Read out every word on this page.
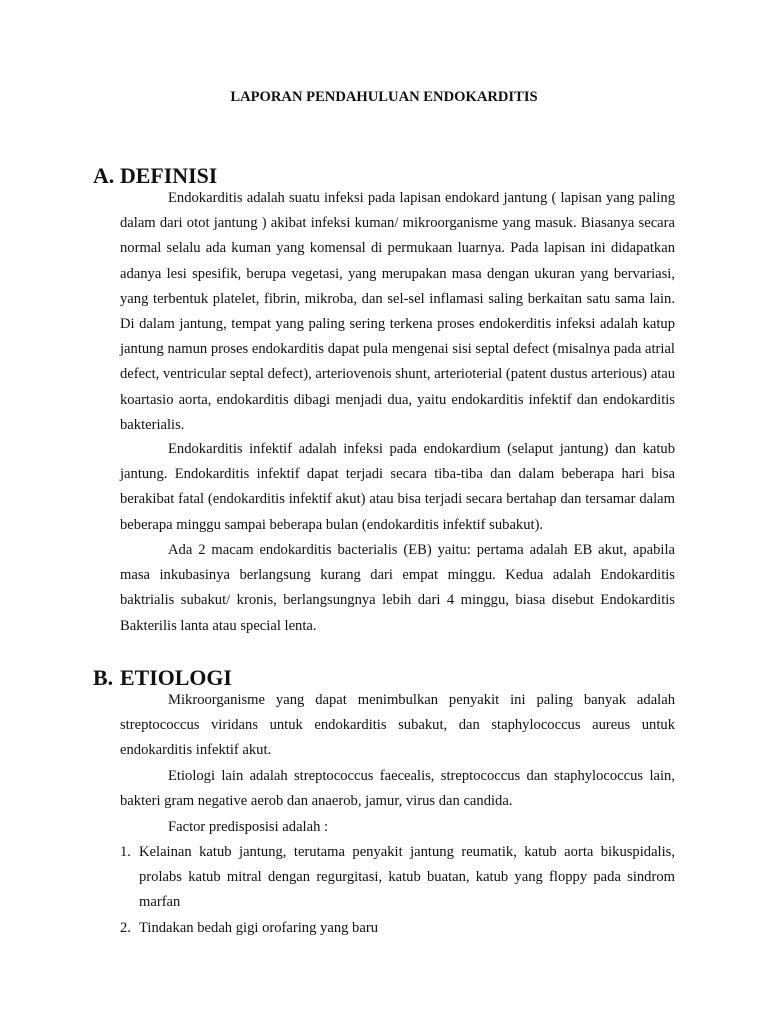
LAPORAN PENDAHULUAN ENDOKARDITIS
A. DEFINISI

Endokarditis adalah suatu infeksi pada lapisan endokard jantung ( lapisan yang paling dalam dari otot jantung ) akibat infeksi kuman/ mikroorganisme yang masuk. Biasanya secara normal selalu ada kuman yang komensal di permukaan luarnya. Pada lapisan ini didapatkan adanya lesi spesifik, berupa vegetasi, yang merupakan masa dengan ukuran yang bervariasi, yang terbentuk platelet, fibrin, mikroba, dan sel-sel inflamasi saling berkaitan satu sama lain. Di dalam jantung, tempat yang paling sering terkena proses endokerditis infeksi adalah katup jantung namun proses endokarditis dapat pula mengenai sisi septal defect (misalnya pada atrial defect, ventricular septal defect), arteriovenois shunt, arterioterial (patent dustus arterious) atau koartasio aorta, endokarditis dibagi menjadi dua, yaitu endokarditis infektif dan endokarditis bakterialis.

Endokarditis infektif adalah infeksi pada endokardium (selaput jantung) dan katub jantung. Endokarditis infektif dapat terjadi secara tiba-tiba dan dalam beberapa hari bisa berakibat fatal (endokarditis infektif akut) atau bisa terjadi secara bertahap dan tersamar dalam beberapa minggu sampai beberapa bulan (endokarditis infektif subakut).

Ada 2 macam endokarditis bacterialis (EB) yaitu: pertama adalah EB akut, apabila masa inkubasinya berlangsung kurang dari empat minggu. Kedua adalah Endokarditis baktrialis subakut/ kronis, berlangsungnya lebih dari 4 minggu, biasa disebut Endokarditis Bakterilis lanta atau special lenta.

B. ETIOLOGI

Mikroorganisme yang dapat menimbulkan penyakit ini paling banyak adalah streptococcus viridans untuk endokarditis subakut, dan staphylococcus aureus untuk endokarditis infektif akut.

Etiologi lain adalah streptococcus faecealis, streptococcus dan staphylococcus lain, bakteri gram negative aerob dan anaerob, jamur, virus dan candida.

Factor predisposisi adalah :

1. Kelainan katub jantung, terutama penyakit jantung reumatik, katub aorta bikuspidalis, prolabs katub mitral dengan regurgitasi, katub buatan, katub yang floppy pada sindrom marfan
2. Tindakan bedah gigi orofaring yang baru
